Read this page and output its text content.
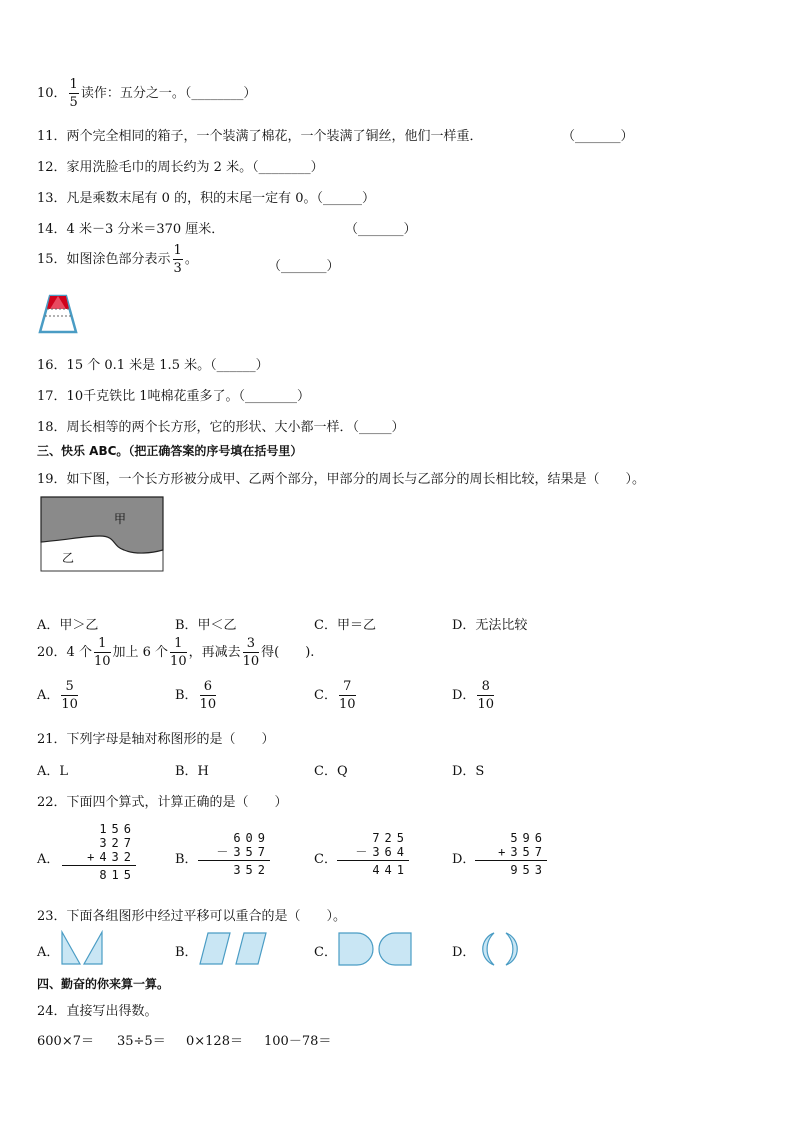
10． $\frac{1}{5}$ 读作：五分之一。（________）
11．两个完全相同的箱子，一个装满了棉花，一个装满了铜丝，他们一样重．	（_______）
12．家用洗脸毛巾的周长约为 2 米。（________）
13．凡是乘数末尾有 0 的，积的末尾一定有 0。（______）
14．4 米－3 分米＝370 厘米．	（_______）
15．如图涂色部分表示 $\frac{1}{3}$ 。	（_______）
16．15 个 0.1 米是 1.5 米。（______）
17．10千克铁比 1吨棉花重多了。（________）
18．周长相等的两个长方形，它的形状、大小都一样．（_____）
三、快乐 ABC。（把正确答案的序号填在括号里）
19．如下图，一个长方形被分成甲、乙两个部分，甲部分的周长与乙部分的周长相比较，结果是（　　）。
甲
乙
A．甲＞乙	B．甲＜乙	C．甲＝乙	D．无法比较
20．4 个 $\frac{1}{10}$ 加上 6 个 $\frac{1}{10}$ ，再减去 $\frac{3}{10}$ 得(　　).
A． $\frac{5}{10}$	B． $\frac{6}{10}$	C． $\frac{7}{10}$	D． $\frac{8}{10}$
21．下列字母是轴对称图形的是（　　）
A．L	B．H	C．Q	D．S
22．下面四个算式，计算正确的是（　　）
A．
156
327
+432
815
B．
609
－357
352
C．
725
－364
441
D．
596
+357
953
23．下面各组图形中经过平移可以重合的是（　　）。
A．	B．	C．	D．
四、勤奋的你来算一算。
24．直接写出得数。
600×7＝ 35÷5＝ 0×128＝ 100－78＝
